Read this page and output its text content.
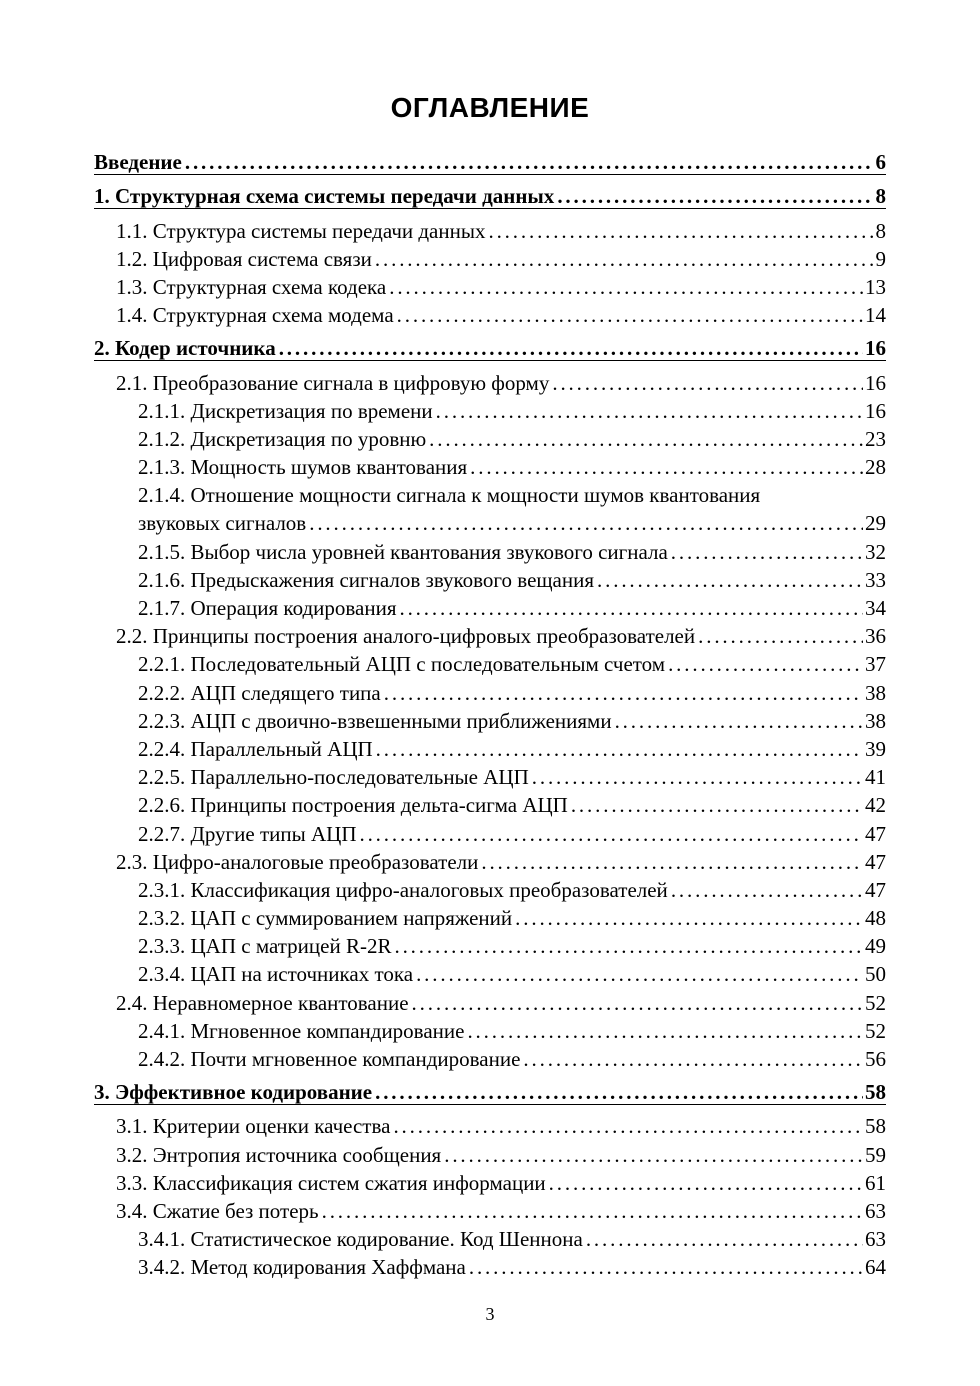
ОГЛАВЛЕНИЕ
Введение . . .	6
1. Структурная схема системы передачи данных . . .	8
1.1. Структура системы передачи данных . . .	8
1.2. Цифровая система связи . . .	9
1.3. Структурная схема кодека . . .	13
1.4. Структурная схема модема . . .	14
2. Кодер источника . . .	16
2.1. Преобразование сигнала в цифровую форму . . .	16
2.1.1. Дискретизация по времени . . .	16
2.1.2. Дискретизация по уровню . . .	23
2.1.3. Мощность шумов квантования . . .	28
2.1.4. Отношение мощности сигнала к мощности шумов квантования
звуковых сигналов . . .	29
2.1.5. Выбор числа уровней квантования звукового сигнала . . .	32
2.1.6. Предыскажения сигналов звукового вещания . . .	33
2.1.7. Операция кодирования . . .	34
2.2. Принципы построения аналого-цифровых преобразователей . . .	36
2.2.1. Последовательный АЦП с последовательным счетом . . .	37
2.2.2. АЦП следящего типа . . .	38
2.2.3. АЦП с двоично-взвешенными приближениями . . .	38
2.2.4. Параллельный АЦП . . .	39
2.2.5. Параллельно-последовательные АЦП . . .	41
2.2.6. Принципы построения дельта-сигма АЦП . . .	42
2.2.7. Другие типы АЦП . . .	47
2.3. Цифро-аналоговые преобразователи . . .	47
2.3.1. Классификация цифро-аналоговых преобразователей . . .	47
2.3.2. ЦАП с суммированием напряжений . . .	48
2.3.3. ЦАП с матрицей R-2R . . .	49
2.3.4. ЦАП на источниках тока . . .	50
2.4. Неравномерное квантование . . .	52
2.4.1. Мгновенное компандирование . . .	52
2.4.2. Почти мгновенное компандирование . . .	56
3. Эффективное кодирование . . .	58
3.1. Критерии оценки качества . . .	58
3.2. Энтропия источника сообщения . . .	59
3.3. Классификация систем сжатия информации . . .	61
3.4. Сжатие без потерь . . .	63
3.4.1. Статистическое кодирование. Код Шеннона . . .	63
3.4.2. Метод кодирования Хаффмана . . .	64
3
